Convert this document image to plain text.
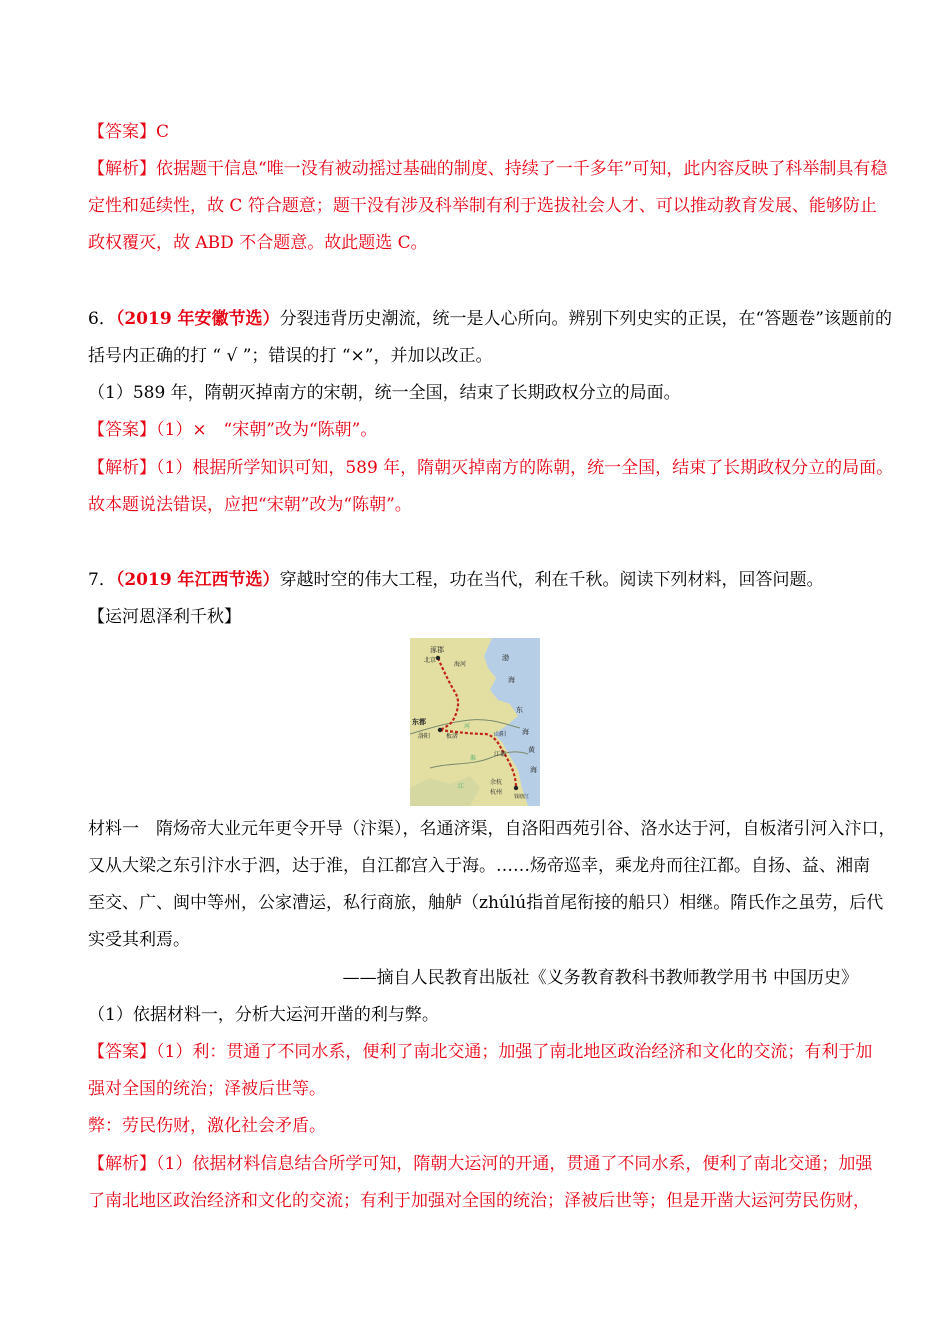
【答案】C
【解析】依据题干信息“唯一没有被动摇过基础的制度、持续了一千多年”可知，此内容反映了科举制具有稳
定性和延续性，故 C 符合题意；题干没有涉及科举制有利于选拔社会人才、可以推动教育发展、能够防止
政权覆灭，故 ABD 不合题意。故此题选 C。
6．（2019 年安徽节选）分裂违背历史潮流，统一是人心所向。辨别下列史实的正误，在“答题卷”该题前的
括号内正确的打 “ √ ”；错误的打 “×”，并加以改正。
（1）589 年，隋朝灭掉南方的宋朝，统一全国，结束了长期政权分立的局面。
【答案】（1）×　“宋朝”改为“陈朝”。
【解析】（1）根据所学知识可知，589 年，隋朝灭掉南方的陈朝，统一全国，结束了长期政权分立的局面。
故本题说法错误，应把“宋朝”改为“陈朝”。
7．（2019 年江西节选）穿越时空的伟大工程，功在当代，利在千秋。阅读下列材料，回答问题。
【运河恩泽利千秋】
涿郡
北京
海河
渤
海
东
海
黄
海
东都
洛阳	板渚	山阳
江都
余杭
杭州
钱塘江
河
淮
江
材料一　隋炀帝大业元年更令开导（汴渠），名通济渠，自洛阳西苑引谷、洛水达于河，自板渚引河入汴口，
又从大梁之东引汴水于泗，达于淮，自江都宫入于海。……炀帝巡幸，乘龙舟而往江都。自扬、益、湘南
至交、广、闽中等州，公家漕运，私行商旅，舳舻（zhúlú指首尾衔接的船只）相继。隋氏作之虽劳，后代
实受其利焉。
——摘自人民教育出版社《义务教育教科书教师教学用书 中国历史》
（1）依据材料一，分析大运河开凿的利与弊。
【答案】（1）利：贯通了不同水系，便利了南北交通；加强了南北地区政治经济和文化的交流；有利于加
强对全国的统治；泽被后世等。
弊：劳民伤财，激化社会矛盾。
【解析】（1）依据材料信息结合所学可知，隋朝大运河的开通，贯通了不同水系，便利了南北交通；加强
了南北地区政治经济和文化的交流；有利于加强对全国的统治；泽被后世等；但是开凿大运河劳民伤财，
